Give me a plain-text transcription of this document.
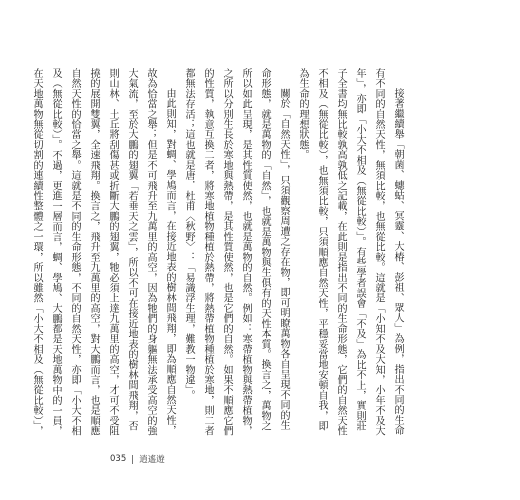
接著繼續舉「朝菌、蟪蛄、冥靈、大椿、彭祖、眾人」為例，指出不同的生命有不同的自然天性，無須比較，也無從比較。這就是「小知不及大知，小年不及大年」，亦即「小大不相及（無從比較）」。有些學者誤會「不及」為比不上，實則莊子全書均無比較孰高孰低之記載，在此則是指出不同的生命形態，它們的自然天性不相及（無從比較），也無須比較，只須順應自然天性，平穩妥當地安頓自我，即為生命的理想狀態。

關於「自然天性」，只須觀察周遭之存在物，即可明瞭萬物各自呈現不同的生命形態，就是萬物的「自然」，也就是萬物與生俱有的天性本質。換言之，萬物之所以如此呈現，是其性質使然，也就是萬物的自然。例如：寒帶植物與熱帶植物，之所以分別生長於寒地與熱帶，是其性質使然，也是它們的自然。如果不順應它們的性質，執意互換二者，將寒地植物種植於熱帶，將熱帶植物種植於寒地，則二者都無法存活；這也就是唐．杜甫〈秋野〉：「易識浮生理，難教一物違」。

由此則知，對蜩、學鳩而言，在接近地表的樹林間飛翔，即為順應自然天性，故為恰當之舉；但是不可飛升至九萬里的高空，因為牠們的身軀無法承受高空的強大氣流，至於大鵬的翅翼「若垂天之雲」，所以不可在接近地表的樹林間飛翔，否則山林、土丘將刮傷甚或折斷大鵬的翅翼，牠必須上達九萬里的高空，才可不受阻撓的展開雙翼，全速飛翔。換言之，飛升至九萬里的高空，對大鵬而言，也是順應自然天性的恰當之舉。這就是不同的生命形態，不同的自然天性，亦即「小大不相及（無從比較）」。不過，更進一層而言，蜩、學鳩、大鵬都是天地萬物中的一員，在天地萬物無從切割的連續性整體之一環，所以雖然「小大不相及（無從比較）」，

035 逍遙遊
